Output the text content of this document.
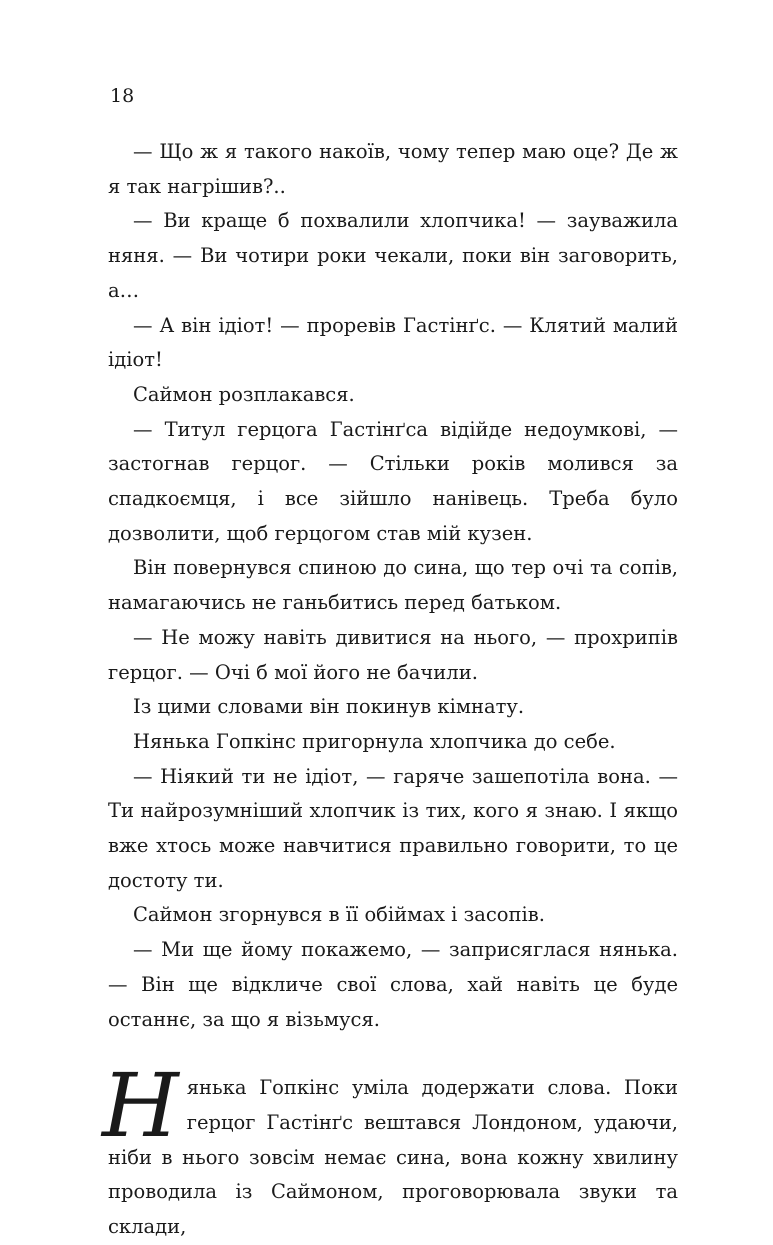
18

— Що ж я такого накоїв, чому тепер маю оце? Де ж я так нагрішив?..

— Ви краще б похвалили хлопчика! — зауважила няня. — Ви чотири роки чекали, поки він заговорить, а…

— А він ідіот! — проревів Гастінґс. — Клятий малий ідіот!

Саймон розплакався.

— Титул герцога Гастінґса відійде недоумкові, — застогнав герцог. — Стільки років молився за спадкоємця, і все зійшло нанівець. Треба було дозволити, щоб герцогом став мій кузен.

Він повернувся спиною до сина, що тер очі та сопів, намагаючись не ганьбитись перед батьком.

— Не можу навіть дивитися на нього, — прохрипів герцог. — Очі б мої його не бачили.

Із цими словами він покинув кімнату.

Нянька Гопкінс пригорнула хлопчика до себе.

— Ніякий ти не ідіот, — гаряче зашепотіла вона. — Ти найрозумніший хлопчик із тих, кого я знаю. І якщо вже хтось може навчитися правильно говорити, то це достоту ти.

Саймон згорнувся в її обіймах і засопів.

— Ми ще йому покажемо, — заприсяглася нянька. — Він ще відкличе свої слова, хай навіть це буде останнє, за що я візьмуся.

Нянька Гопкінс уміла додержати слова. Поки герцог Гастінґс вештався Лондоном, удаючи, ніби в нього зовсім немає сина, вона кожну хвилину проводила із Саймоном, проговорювала звуки та склади,
